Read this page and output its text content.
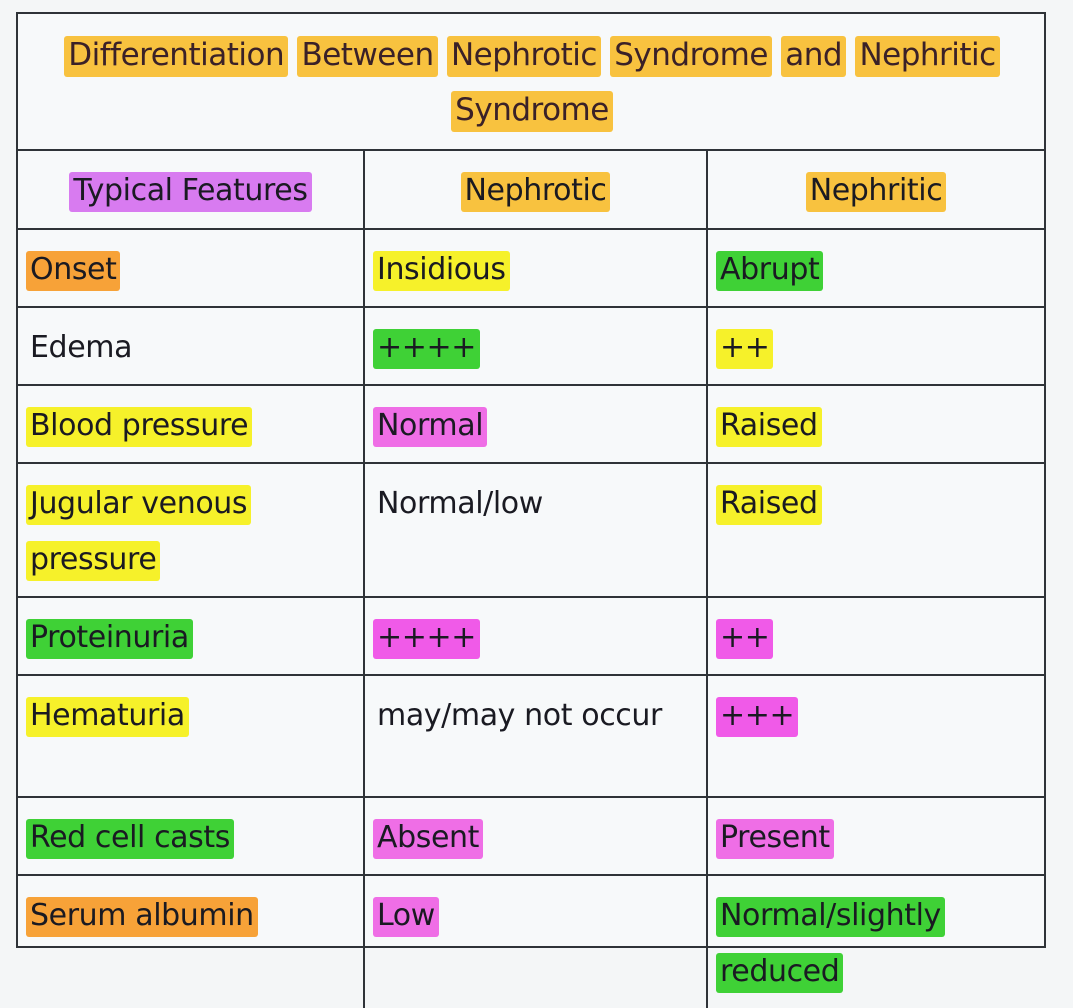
Differentiation Between Nephrotic Syndrome and Nephritic
Syndrome
Typical Features	Nephrotic	Nephritic
Onset	Insidious	Abrupt
Edema	++++	++
Blood pressure	Normal	Raised
Jugular venous pressure	Normal/low	Raised
Proteinuria	++++	++
Hematuria	may/may not occur	+++
Red cell casts	Absent	Present
Serum albumin	Low	Normal/slightly reduced
